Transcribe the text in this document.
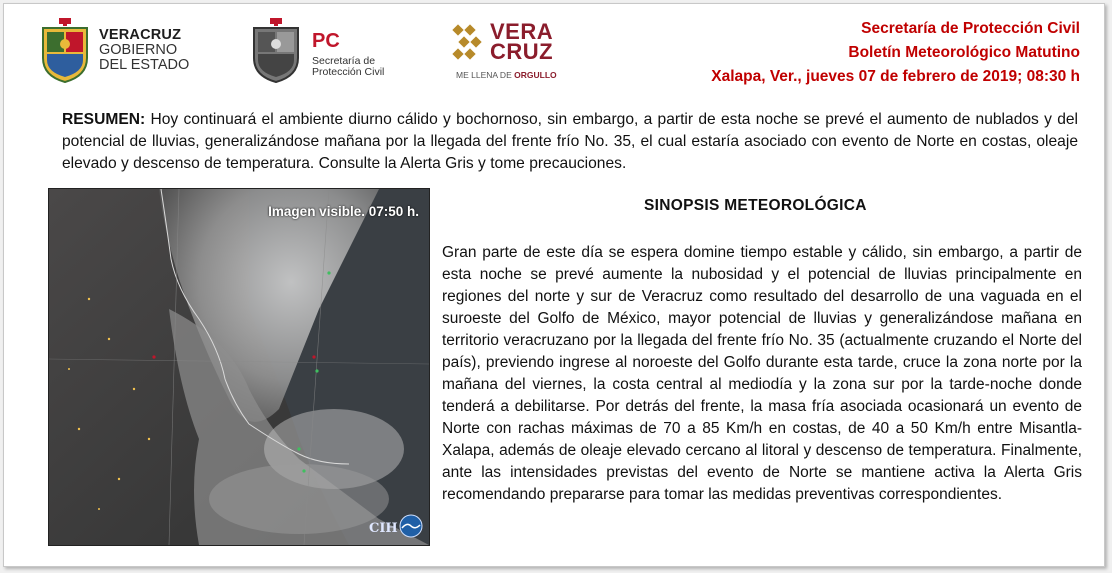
VERACRUZ
GOBIERNO
DEL ESTADO
PC
Secretaría de
Protección Civil
VERA
CRUZ
ME LLENA DE ORGULLO
Secretaría de Protección Civil
Boletín Meteorológico Matutino
Xalapa, Ver., jueves 07 de febrero de 2019; 08:30 h
RESUMEN: Hoy continuará el ambiente diurno cálido y bochornoso, sin embargo, a partir de esta noche se prevé el aumento de nublados y del potencial de lluvias, generalizándose mañana por la llegada del frente frío No. 35, el cual estaría asociado con evento de Norte en costas, oleaje elevado y descenso de temperatura. Consulte la Alerta Gris y tome precauciones.
Imagen visible. 07:50 h.
CIH
SINOPSIS METEOROLÓGICA
Gran parte de este día se espera domine tiempo estable y cálido, sin embargo, a partir de esta noche se prevé aumente la nubosidad y el potencial de lluvias principalmente en regiones del norte y sur de Veracruz como resultado del desarrollo de una vaguada en el suroeste del Golfo de México, mayor potencial de lluvias y generalizándose mañana en territorio veracruzano por la llegada del frente frío No. 35 (actualmente cruzando el Norte del país), previendo ingrese al noroeste del Golfo durante esta tarde, cruce la zona norte por la mañana del viernes, la costa central al mediodía y la zona sur por la tarde-noche donde tenderá a debilitarse. Por detrás del frente, la masa fría asociada ocasionará un evento de Norte con rachas máximas de 70 a 85 Km/h en costas, de 40 a 50 Km/h entre Misantla-Xalapa, además de oleaje elevado cercano al litoral y descenso de temperatura. Finalmente, ante las intensidades previstas del evento de Norte se mantiene activa la Alerta Gris recomendando prepararse para tomar las medidas preventivas correspondientes.
